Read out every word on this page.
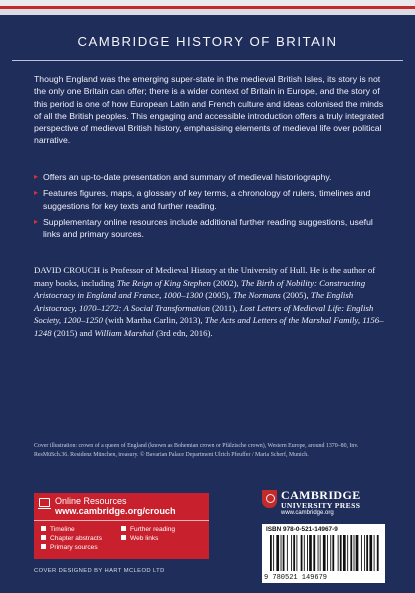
CAMBRIDGE HISTORY OF BRITAIN

Though England was the emerging super-state in the medieval British Isles, its story is not the only one Britain can offer; there is a wider context of Britain in Europe, and the story of this period is one of how European Latin and French culture and ideas colonised the minds of all the British peoples. This engaging and accessible introduction offers a truly integrated perspective of medieval British history, emphasising elements of medieval life over political narrative.

▸ Offers an up-to-date presentation and summary of medieval historiography.
▸ Features figures, maps, a glossary of key terms, a chronology of rulers, timelines and suggestions for key texts and further reading.
▸ Supplementary online resources include additional further reading suggestions, useful links and primary sources.

DAVID CROUCH is Professor of Medieval History at the University of Hull. He is the author of many books, including The Reign of King Stephen (2002), The Birth of Nobility: Constructing Aristocracy in England and France, 1000–1300 (2005), The Normans (2005), The English Aristocracy, 1070–1272: A Social Transformation (2011), Lost Letters of Medieval Life: English Society, 1200–1250 (with Martha Carlin, 2013), The Acts and Letters of the Marshal Family, 1156–1248 (2015) and William Marshal (3rd edn, 2016).

Cover illustration: crown of a queen of England (known as Bohemian crown or Pfälzische crown), Western Europe, around 1370–80, Inv. ResMüSch.36. Residenz München, treasury. © Bavarian Palace Department Ulrich Pfeuffer / Maria Scherf, Munich.

Online Resources
www.cambridge.org/crouch
Timeline
Chapter abstracts
Primary sources
Further reading
Web links
COVER DESIGNED BY HART MCLEOD LTD
CAMBRIDGE
UNIVERSITY PRESS
www.cambridge.org
ISBN 978-0-521-14967-9
9 780521 149679
